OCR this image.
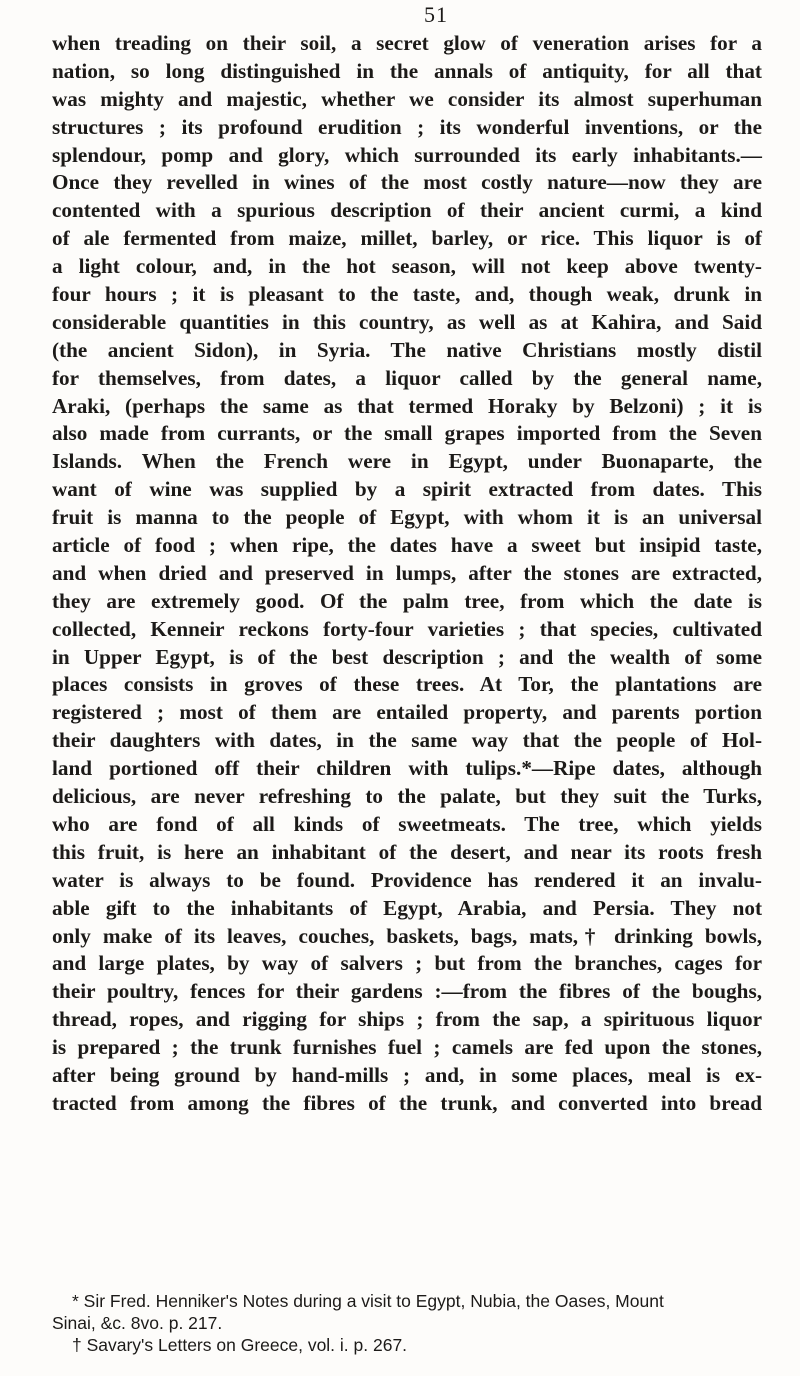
51
when treading on their soil, a secret glow of veneration arises for a
nation, so long distinguished in the annals of antiquity, for all that
was mighty and majestic, whether we consider its almost superhuman
structures ; its profound erudition ; its wonderful inventions, or the
splendour, pomp and glory, which surrounded its early inhabitants.—
Once they revelled in wines of the most costly nature—now they are
contented with a spurious description of their ancient curmi, a kind
of ale fermented from maize, millet, barley, or rice. This liquor is of
a light colour, and, in the hot season, will not keep above twenty-
four hours ; it is pleasant to the taste, and, though weak, drunk in
considerable quantities in this country, as well as at Kahira, and Said
(the ancient Sidon), in Syria. The native Christians mostly distil
for themselves, from dates, a liquor called by the general name,
Araki, (perhaps the same as that termed Horaky by Belzoni) ; it is
also made from currants, or the small grapes imported from the Seven
Islands. When the French were in Egypt, under Buonaparte, the
want of wine was supplied by a spirit extracted from dates. This
fruit is manna to the people of Egypt, with whom it is an universal
article of food ; when ripe, the dates have a sweet but insipid taste,
and when dried and preserved in lumps, after the stones are extracted,
they are extremely good. Of the palm tree, from which the date is
collected, Kenneir reckons forty-four varieties ; that species, cultivated
in Upper Egypt, is of the best description ; and the wealth of some
places consists in groves of these trees. At Tor, the plantations are
registered ; most of them are entailed property, and parents portion
their daughters with dates, in the same way that the people of Hol-
land portioned off their children with tulips.*—Ripe dates, although
delicious, are never refreshing to the palate, but they suit the Turks,
who are fond of all kinds of sweetmeats. The tree, which yields
this fruit, is here an inhabitant of the desert, and near its roots fresh
water is always to be found. Providence has rendered it an invalu-
able gift to the inhabitants of Egypt, Arabia, and Persia. They not
only make of its leaves, couches, baskets, bags, mats,† drinking bowls,
and large plates, by way of salvers ; but from the branches, cages for
their poultry, fences for their gardens :—from the fibres of the boughs,
thread, ropes, and rigging for ships ; from the sap, a spirituous liquor
is prepared ; the trunk furnishes fuel ; camels are fed upon the stones,
after being ground by hand-mills ; and, in some places, meal is ex-
tracted from among the fibres of the trunk, and converted into bread
* Sir Fred. Henniker's Notes during a visit to Egypt, Nubia, the Oases, Mount
Sinai, &c. 8vo. p. 217.
† Savary's Letters on Greece, vol. i. p. 267.
